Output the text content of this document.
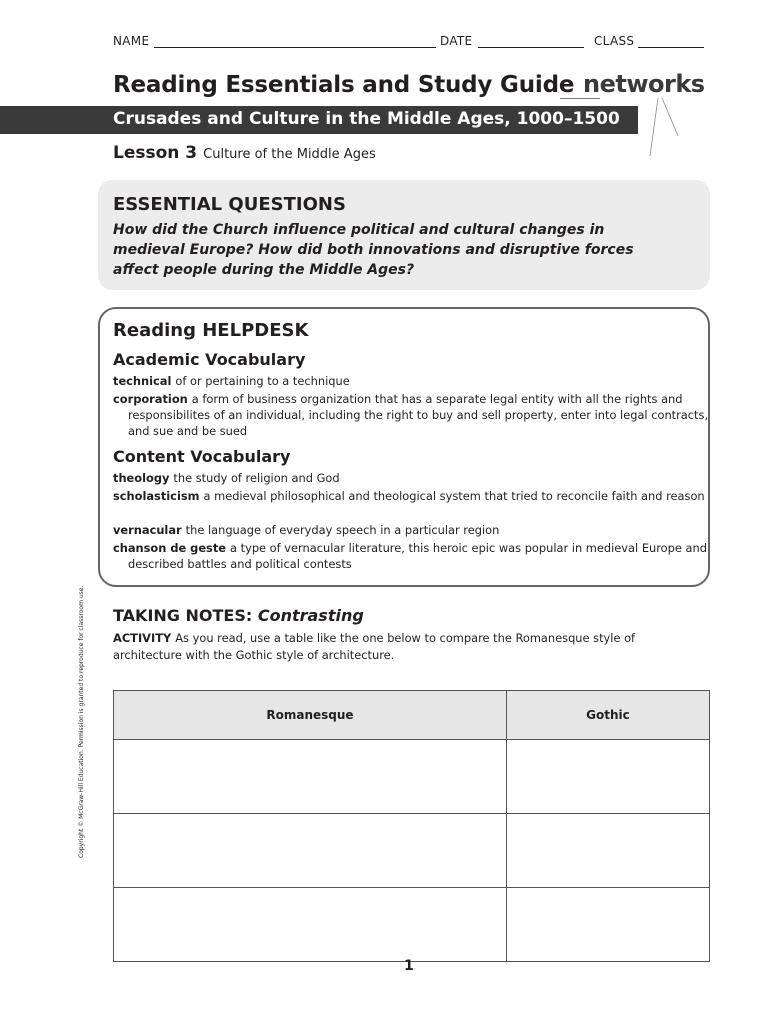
NAME	DATE	CLASS
Reading Essentials and Study Guide networks
Crusades and Culture in the Middle Ages, 1000–1500
Lesson 3 Culture of the Middle Ages
ESSENTIAL QUESTIONS
How did the Church influence political and cultural changes in medieval Europe? How did both innovations and disruptive forces affect people during the Middle Ages?
Reading HELPDESK
Academic Vocabulary
technical of or pertaining to a technique
corporation a form of business organization that has a separate legal entity with all the rights and responsibilites of an individual, including the right to buy and sell property, enter into legal contracts, and sue and be sued
Content Vocabulary
theology the study of religion and God
scholasticism a medieval philosophical and theological system that tried to reconcile faith and reason
vernacular the language of everyday speech in a particular region
chanson de geste a type of vernacular literature, this heroic epic was popular in medieval Europe and described battles and political contests
TAKING NOTES: Contrasting
ACTIVITY As you read, use a table like the one below to compare the Romanesque style of architecture with the Gothic style of architecture.
Romanesque	Gothic

Copyright © McGraw-Hill Education. Permission is granted to reproduce for classroom use.
1
